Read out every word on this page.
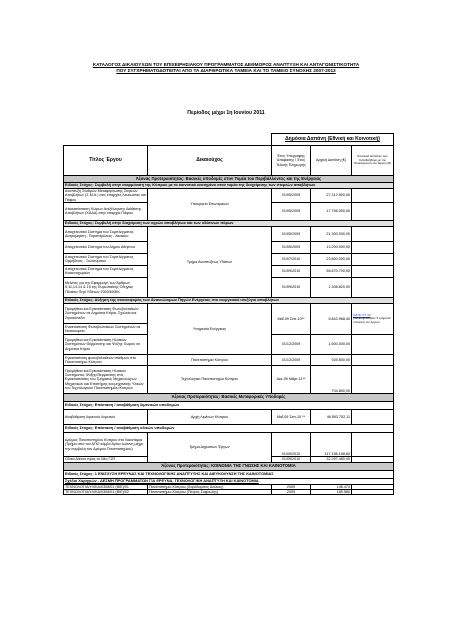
ΚΑΤΑΛΟΓΟΣ ΔΙΚΑΙΟΥΧΩΝ ΤΟΥ ΕΠΙΧΕΙΡΗΣΙΑΚΟΥ ΠΡΟΓΡΑΜΜΑΤΟΣ ΔΕΘΜΟΡΟΣ ΑΝΑΠΤΥΞΗ ΚΑΙ ΑΝΤΑΓΩΝΙΣΤΙΚΟΤΗΤΑ
ΠΟΥ ΣΥΓΧΡΗΜΑΤΟΔΟΤΕΙΤΑΙ ΑΠΟ ΤΑ ΔΙΑΡΘΡΩΤΙΚΑ ΤΑΜΕΙΑ ΚΑΙ ΤΟ ΤΑΜΕΙΟ ΣΥΝΟΧΗΣ 2007-2013
Περίοδος μέχρι 1η Ιουνίου 2011
		Δημόσια Δαπάνη (Εθνική και Κοινοτική)		
Τίτλος Έργου	Δικαιούχος	Έτος Υπογραφής Απόφασης / Έτος Τελικής Πληρωμής	Αρχική Δαπάνη (€)	Συνολικά Δαπάνες που Καταβλήθηκε με την Ολοκλήρωση του Έργου (€)
Άξονας Προτεραιότητας: Βασικές υποδομές στον Τομέα του Περιβάλλοντος και της Ενέργειας				
Ειδικός Στόχος: Συμβολή στην εναρμόνιση της Κύπρου με το κοινοτικό κεκτημένο στον τομέα της διαχείρισης των στερεών αποβλήτων				
Αναπτυξη Σταθμών Μεταφόρτωσης Στερεών Αποβλήτων (Σ.Μ.Α.) στις επαρχίες Λευκωσίας και Πάφου	Υπουργείο Εσωτερικών	01/05/2009	27.312.500,00	
Αποκατάσταση Χώρων Ανεξέλεγκτης Διάθεσης Αποβλήτων (ΧΑΔΑ) στην επαρχία Πάφου		01/05/2009	17.756.000,00	
Ειδικός Στόχος: Συμβολή στην διαχείριση των υγρών αποβλήτων και των υδάτινων πόρων				
Αποχετευτικό Σύστημα του Συμπλέγματος Αστρομερίτη - Περιστερώνας - Ακακίου	Τμήμα Αναπτύξεως Υδάτων	01/05/2009	21.300.000,00	
Αποχετευτικό Σύστημα του Δήμου Αθηένου		01/05/2009	13.200.000,00	
Αποχετευτικό Σύστημα του Συμπλέγματος Ορμήδειας - Ξυλοτύμπου		01/07/2010	23.800.000,00	
Αποχετευτικό Σύστημα του Συμπλέγματος Κοκκινοχωριών		01/09/2010	56.670.700,00	
Μελέτες για την Εφαρμογή των Άρθρων 5,11,13,14 & 15 της Ευρωπαϊκής Οδηγίας Πλαίσιο Περί Υδάτων 2000/60/ΕΚ		01/09/2010	1.306.820,00	
Ειδικός Στόχος: Αύξηση της συνεισφοράς των Ανανεώσιμων Πηγών Ενέργειας στο ενεργειακό ισοζύγιο αποβλήτων				
Προμήθεια και Εγκατάσταση Φωτοβολταϊκών Συστημάτων σε Δημόσια Κτίρια, Σχολεία και Στρατόπεδα	Υπηρεσία Ενέργειας	Μαΐ-09 Σεπ-10**	5.843.968,40	4.878.777,34
(ολοκληρώθηκαν 3 τμήματα/υποέργα του έργου)
Ενκατάσταση Φωτοβολταϊκών Συστημάτων σε Νοσοκομεία				
Προμήθεια και Εγκατάσταση Ηλιακών Συστημάτων Θέρμανσης και Ψύξης Χώρου σε Δημόσια Κτίρια		01/12/2009	1.600.000,00	
Εγκατάσταση φωτοβολταϊκών σταθμών στο Πανεπιστήμιο Κύπρου	Πανεπιστήμιο Κύπρου	01/12/2009	925.500,00	
Προμήθεια και Εγκατάσταση Ηλιακού Συστήματος Ψύξης/Θέρμανσης στις Εγκαταστάσεις του Τμήματος Μηχανολόγων Μηχανικών και Επιστήμης και μηχανικής Υλικών του Τεχνολογικού Πανεπιστημίου Κύπρου	Τεχνολογικό Πανεπιστήμιο Κύπρου	Δεκ-09 Μάρτ-11**	704.800,00	
Άξονας Προτεραιότητας: Βασικές Μεταφορικές Υποδομές				
Ειδικός Στόχος: Επέκταση / αναβάθμιση λιμενικών υποδομών				
Αναβάθμιση Λιμανιού Λεμεσού	Αρχή Λιμένων Κύπρου	Μαΐ-09 Σεπ-10 **	46.593.752,11	
Ειδικός Στόχος: Επέκταση / αναβάθμιση οδικών υποδομών				
Δρόμος Πανεπιστημίου Κύπρου στο Λακατάμια (Τμήμα από τον ΑΠΟ κόμβο Αγίου Ιωάννη μέχρι την συμβολή του Δρόμου Πανεπιστημίου)	Τμήμα Δημοσίων Έργων	01/09/2010	117.156.168,80	
Οδικό Δίκτυο προς το Νέο Γ2Π		01/09/2010	32.297.480,00	
Άξονας Προτεραιότητας: ΚΟΙΝΩΝΙΑ ΤΗΣ ΓΝΩΣΗΣ ΚΑΙ ΚΑΙΝΟΤΟΜΙΑ				
Ειδικός Στόχος: 1 ΕΝΙΣΧΥΣΗ ΕΡΕΥΝΑΣ ΚΑΙ ΤΕΧΝΟΛΟΓΙΚΗΣ ΑΝΑΠΤΥΞΗΣ ΚΑΙ ΔΙΕΥΚΟΛΥΝΣΗ ΤΗΣ ΚΑΙΝΟΤΟΜΙΑΣ				
Σχέδιο Χορηγιών - ΔΕΣΜΗ ΠΡΟΓΡΑΜΜΑΤΩΝ ΓΙΑ ΕΡΕΥΝΑ, ΤΕΧΝΟΛΟΓΙΚΗ ΑΝΑΠΤΥΞΗ ΚΑΙ ΚΑΙΝΟΤΟΜΙΑ				
ΤΕΧΝΟΛΟΓΙΑ/ΥΛΙΚΑ/0308/01 (ΒΙΕ)/01	Πανεπιστήμιο Κύπρου (Χαράλαμπος Δούκας)	2009	146.474	
ΤΕΧΝΟΛΟΓΙΑ/ΥΛΙΚΑ/0308/01 (ΒΙΕ)/02	Πανεπιστήμιο Κύπρου (Πέτρος Σοφουλής)	2009	189.580	
